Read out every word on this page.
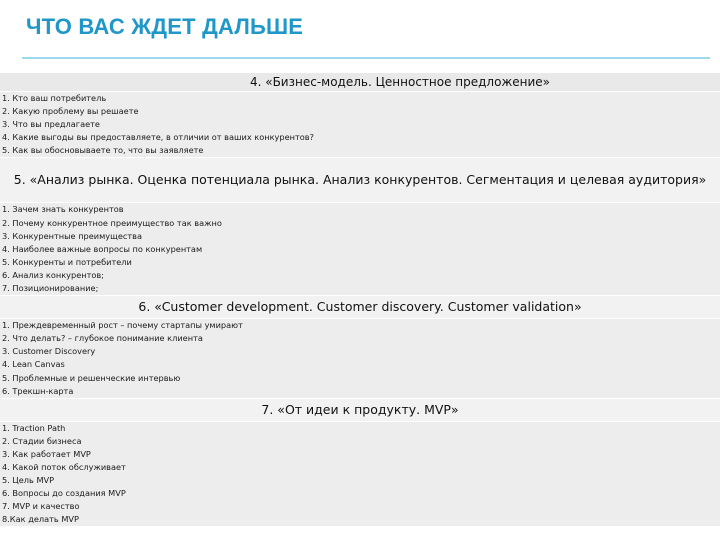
ЧТО ВАС ЖДЕТ ДАЛЬШЕ
4. «Бизнес-модель. Ценностное предложение»
1. Кто ваш потребитель
2. Какую проблему вы решаете
3. Что вы предлагаете
4. Какие выгоды вы предоставляете, в отличии от ваших конкурентов?
5. Как вы обосновываете то, что вы заявляете
5. «Анализ рынка. Оценка потенциала рынка. Анализ конкурентов. Сегментация и целевая аудитория»
1. Зачем знать конкурентов
2. Почему конкурентное преимущество так важно
3. Конкурентные преимущества
4. Наиболее важные вопросы по конкурентам
5. Конкуренты и потребители
6. Анализ конкурентов;
7. Позиционирование;
6. «Customer development. Customer discovery. Customer validation»
1. Преждевременный рост – почему стартапы умирают
2. Что делать? – глубокое понимание клиента
3. Customer Discovery
4. Lean Canvas
5. Проблемные и решенческие интервью
6. Трекшн-карта
7. «От идеи к продукту. MVP»
1. Traction Path
2. Стадии бизнеса
3. Как работает MVP
4. Какой поток обслуживает
5. Цель MVP
6. Вопросы до создания MVP
7. MVP и качество
8.Как делать MVP
